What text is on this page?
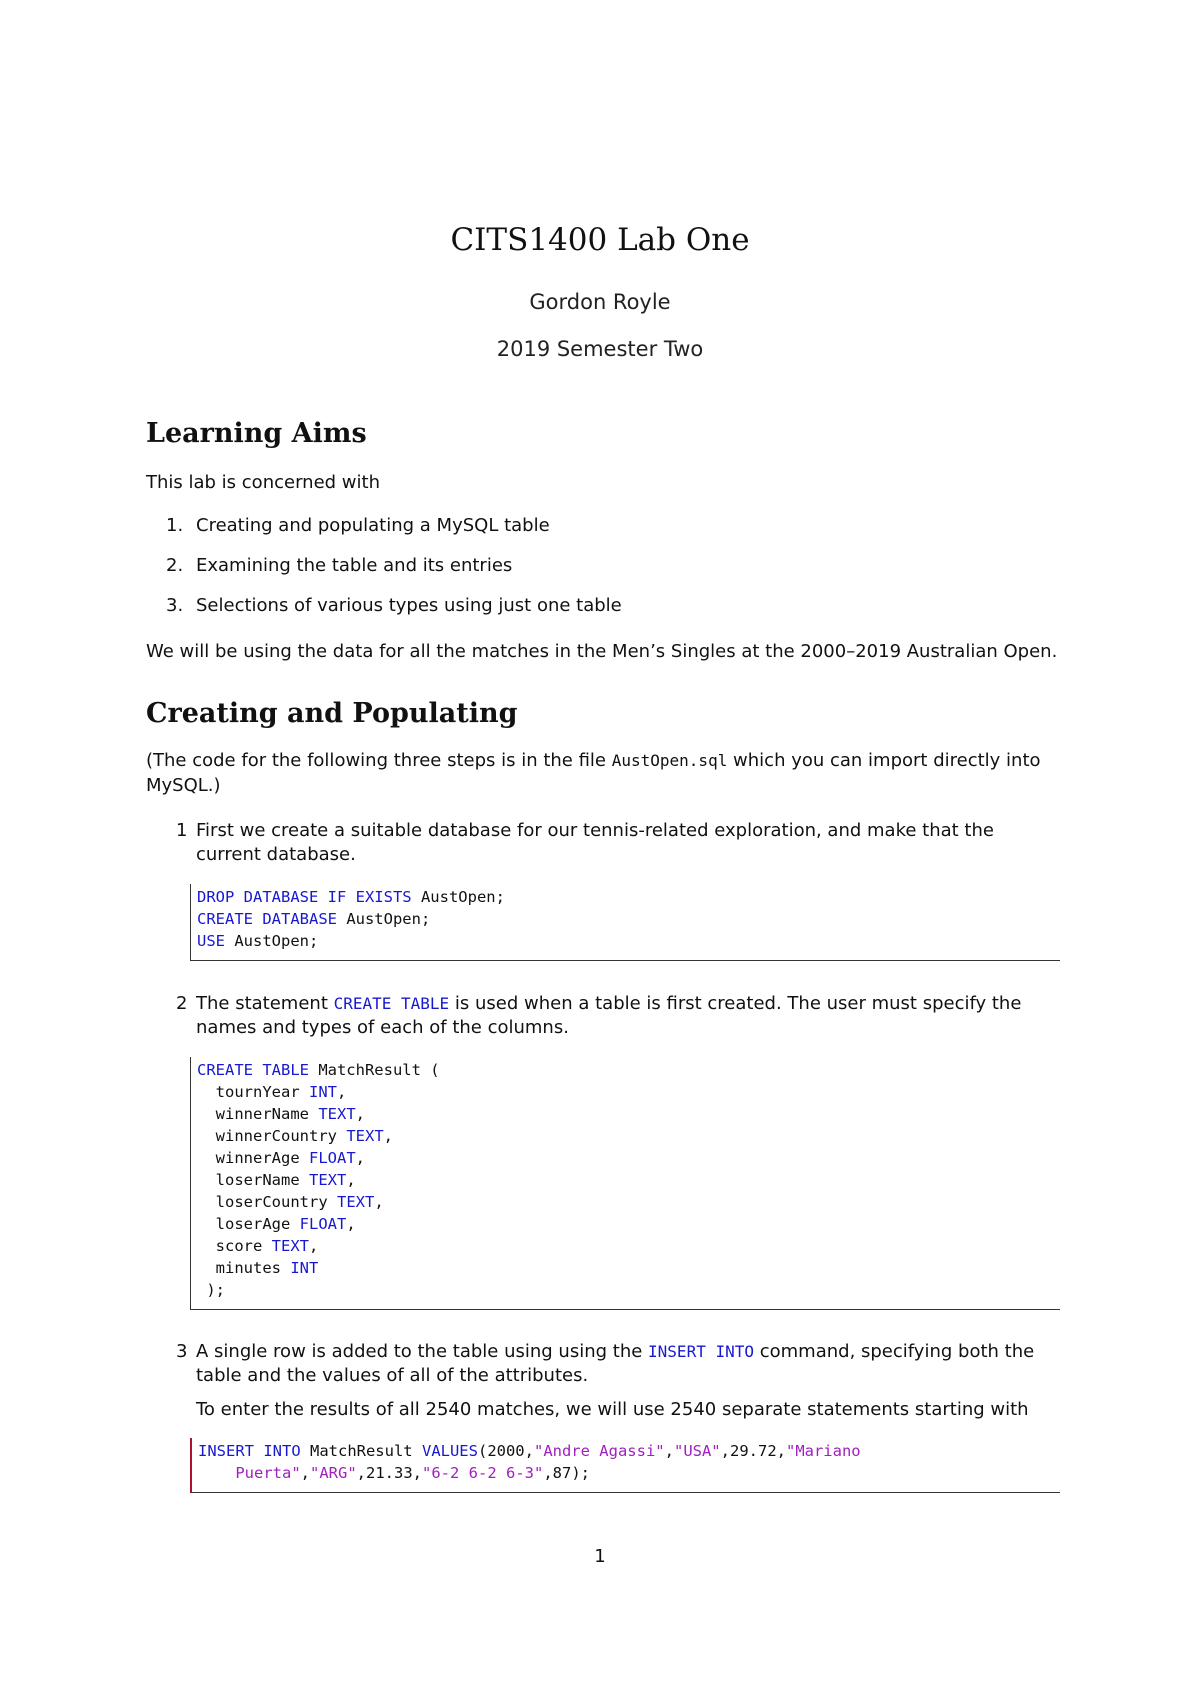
CITS1400 Lab One
Gordon Royle
2019 Semester Two
Learning Aims

This lab is concerned with

1. Creating and populating a MySQL table
2. Examining the table and its entries
3. Selections of various types using just one table

We will be using the data for all the matches in the Men’s Singles at the 2000–2019 Australian Open.

Creating and Populating

(The code for the following three steps is in the file AustOpen.sql which you can import directly into MySQL.)

1 First we create a suitable database for our tennis-related exploration, and make that the current database.
DROP DATABASE IF EXISTS AustOpen;
CREATE DATABASE AustOpen;
USE AustOpen;
2 The statement CREATE TABLE is used when a table is first created. The user must specify the names and types of each of the columns.
CREATE TABLE MatchResult (
tournYear INT,
winnerName TEXT,
winnerCountry TEXT,
winnerAge FLOAT,
loserName TEXT,
loserCountry TEXT,
loserAge FLOAT,
score TEXT,
minutes INT
);
3 A single row is added to the table using using the INSERT INTO command, specifying both the table and the values of all of the attributes.
To enter the results of all 2540 matches, we will use 2540 separate statements starting with
INSERT INTO MatchResult VALUES(2000,"Andre Agassi","USA",29.72,"Mariano
Puerta","ARG",21.33,"6-2 6-2 6-3",87);
1
